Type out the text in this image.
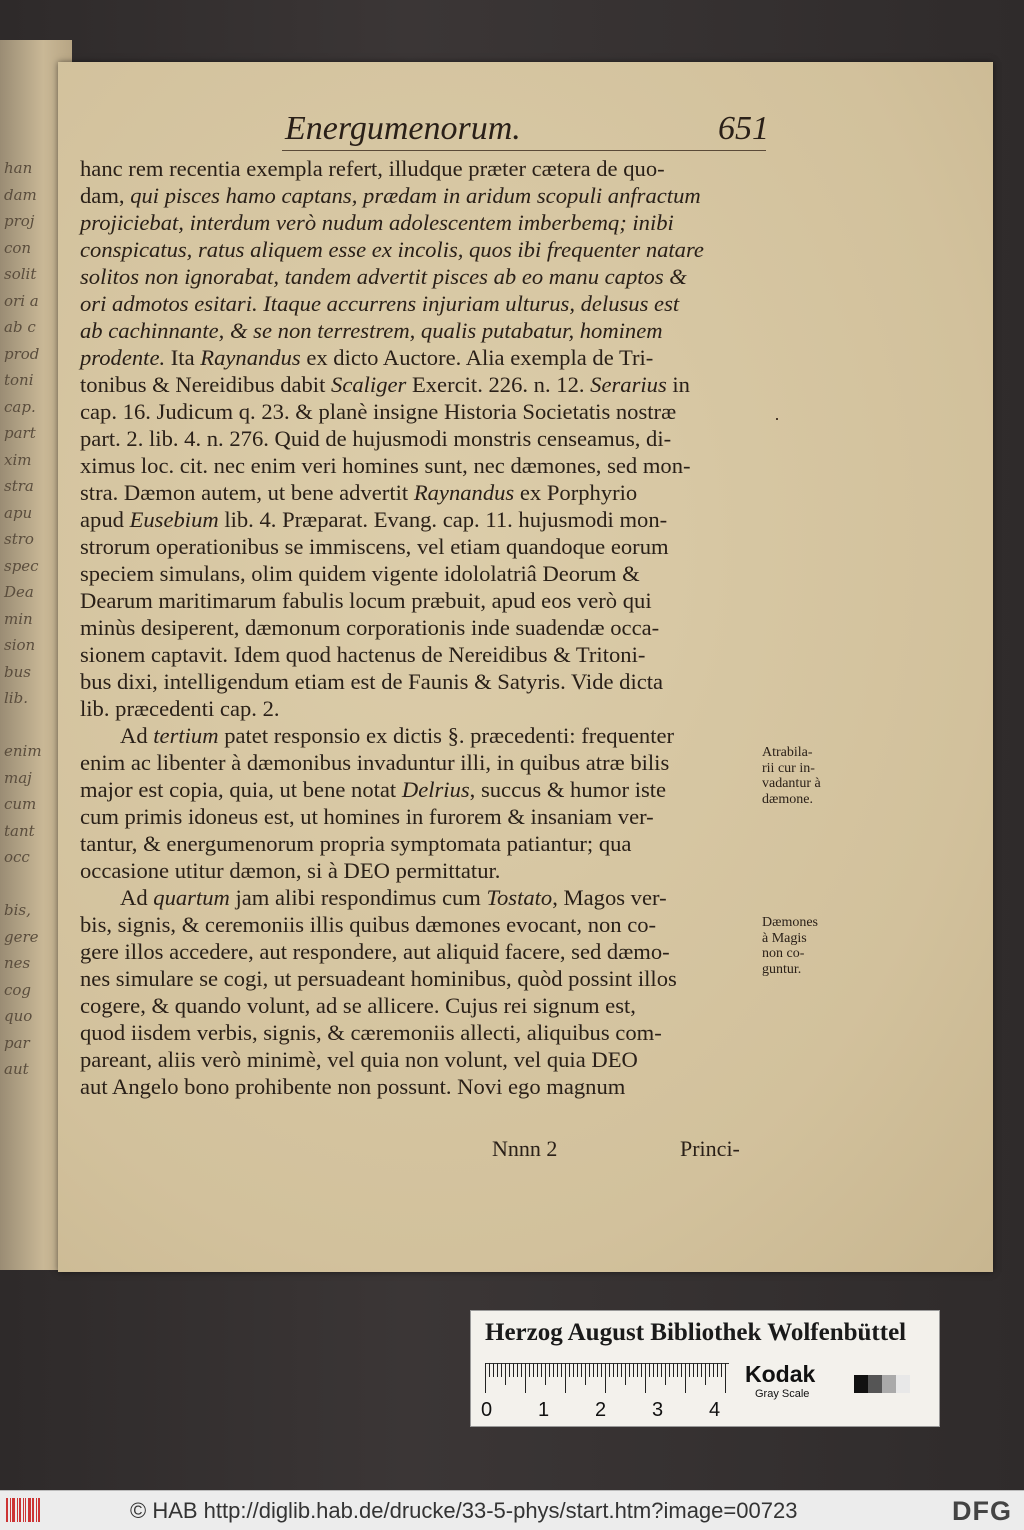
han
dam
proj
con
solit
ori a
ab c
prod
toni
cap.
part
xim
stra
apu
stro
spec
Dea
min
sion
bus
lib.

enim
maj
cum
tant
occ

bis,
gere
nes
cog
quo
par
aut
Energumenorum.	651
hanc rem recentia exempla refert, illudque præter cætera de quo-
dam, qui pisces hamo captans, prædam in aridum scopuli anfractum
projiciebat, interdum verò nudum adolescentem imberbemq; inibi
conspicatus, ratus aliquem esse ex incolis, quos ibi frequenter natare
solitos non ignorabat, tandem advertit pisces ab eo manu captos &
ori admotos esitari. Itaque accurrens injuriam ulturus, delusus est
ab cachinnante, & se non terrestrem, qualis putabatur, hominem
prodente. Ita Raynandus ex dicto Auctore. Alia exempla de Tri-
tonibus & Nereidibus dabit Scaliger Exercit. 226. n. 12. Serarius in
cap. 16. Judicum q. 23. & planè insigne Historia Societatis nostræ
part. 2. lib. 4. n. 276. Quid de hujusmodi monstris censeamus, di-
ximus loc. cit. nec enim veri homines sunt, nec dæmones, sed mon-
stra. Dæmon autem, ut bene advertit Raynandus ex Porphyrio
apud Eusebium lib. 4. Præparat. Evang. cap. 11. hujusmodi mon-
strorum operationibus se immiscens, vel etiam quandoque eorum
speciem simulans, olim quidem vigente idololatriâ Deorum &
Dearum maritimarum fabulis locum præbuit, apud eos verò qui
minùs desiperent, dæmonum corporationis inde suadendæ occa-
sionem captavit. Idem quod hactenus de Nereidibus & Tritoni-
bus dixi, intelligendum etiam est de Faunis & Satyris. Vide dicta
lib. præcedenti cap. 2.
Ad tertium patet responsio ex dictis §. præcedenti: frequenter
enim ac libenter à dæmonibus invaduntur illi, in quibus atræ bilis
major est copia, quia, ut bene notat Delrius, succus & humor iste
cum primis idoneus est, ut homines in furorem & insaniam ver-
tantur, & energumenorum propria symptomata patiantur; qua
occasione utitur dæmon, si à DEO permittatur.
Ad quartum jam alibi respondimus cum Tostato, Magos ver-
bis, signis, & ceremoniis illis quibus dæmones evocant, non co-
gere illos accedere, aut respondere, aut aliquid facere, sed dæmo-
nes simulare se cogi, ut persuadeant hominibus, quòd possint illos
cogere, & quando volunt, ad se allicere. Cujus rei signum est,
quod iisdem verbis, signis, & cæremoniis allecti, aliquibus com-
pareant, aliis verò minimè, vel quia non volunt, vel quia DEO
aut Angelo bono prohibente non possunt. Novi ego magnum
Atrabila-
rii cur in-
vadantur à
dæmone.
Dæmones
à Magis
non co-
guntur.
Nnnn 2	Princi-
Herzog August Bibliothek Wolfenbüttel
0 1 2 3 4
Kodak
Gray Scale
© HAB http://diglib.hab.de/drucke/33-5-phys/start.htm?image=00723	DFG
